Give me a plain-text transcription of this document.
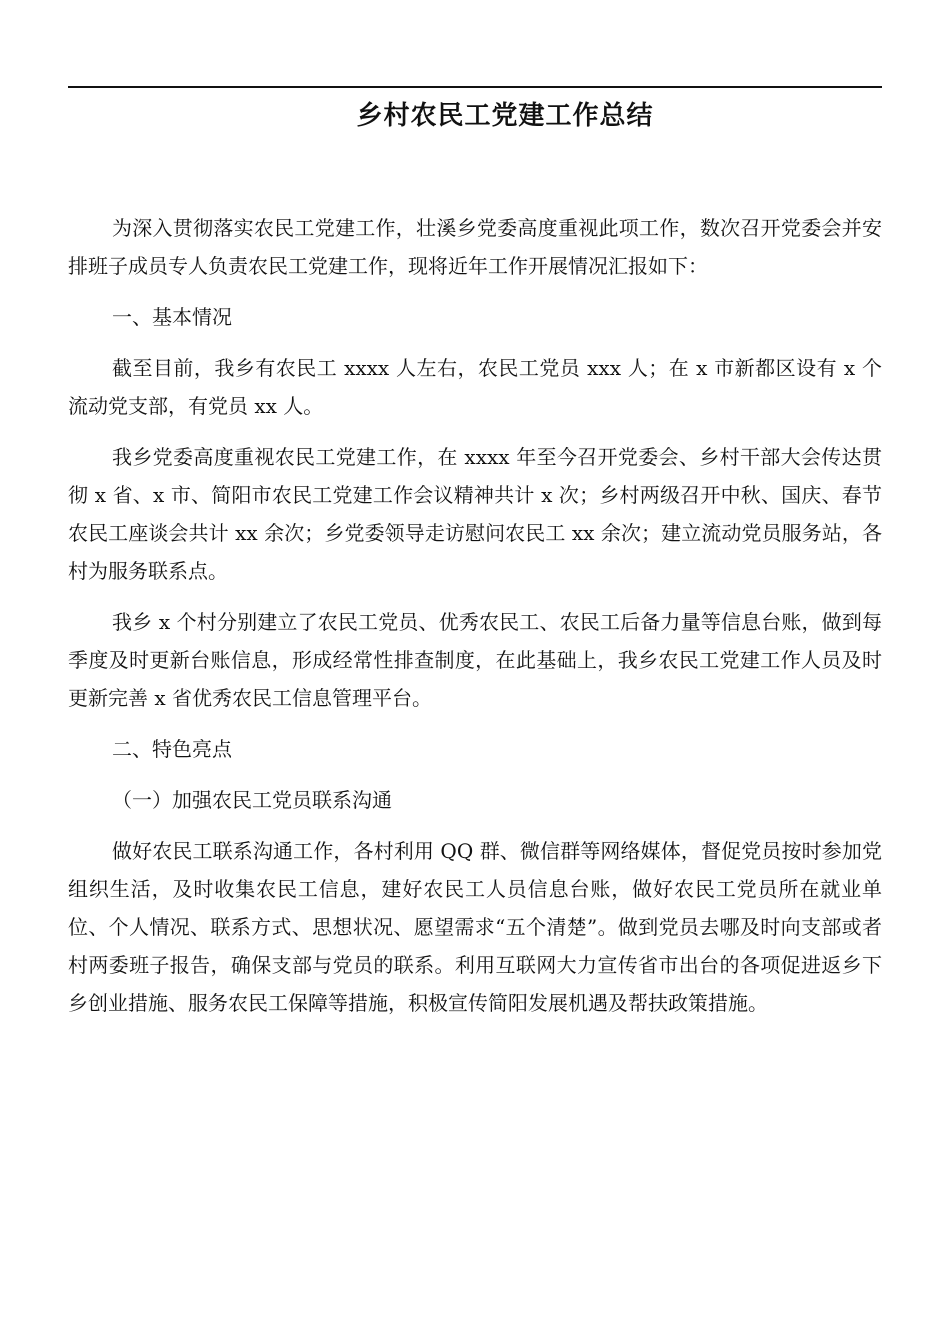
乡村农民工党建工作总结

为深入贯彻落实农民工党建工作，壮溪乡党委高度重视此项工作，数次召开党委会并安排班子成员专人负责农民工党建工作，现将近年工作开展情况汇报如下：

一、基本情况

截至目前，我乡有农民工 xxxx 人左右，农民工党员 xxx 人；在 x 市新都区设有 x 个流动党支部，有党员 xx 人。

我乡党委高度重视农民工党建工作，在 xxxx 年至今召开党委会、乡村干部大会传达贯彻 x 省、x 市、简阳市农民工党建工作会议精神共计 x 次；乡村两级召开中秋、国庆、春节农民工座谈会共计 xx 余次；乡党委领导走访慰问农民工 xx 余次；建立流动党员服务站，各村为服务联系点。

我乡 x 个村分别建立了农民工党员、优秀农民工、农民工后备力量等信息台账，做到每季度及时更新台账信息，形成经常性排查制度，在此基础上，我乡农民工党建工作人员及时更新完善 x 省优秀农民工信息管理平台。

二、特色亮点

（一）加强农民工党员联系沟通

做好农民工联系沟通工作，各村利用 QQ 群、微信群等网络媒体，督促党员按时参加党组织生活，及时收集农民工信息，建好农民工人员信息台账，做好农民工党员所在就业单位、个人情况、联系方式、思想状况、愿望需求“五个清楚”。做到党员去哪及时向支部或者村两委班子报告，确保支部与党员的联系。利用互联网大力宣传省市出台的各项促进返乡下乡创业措施、服务农民工保障等措施，积极宣传简阳发展机遇及帮扶政策措施。
